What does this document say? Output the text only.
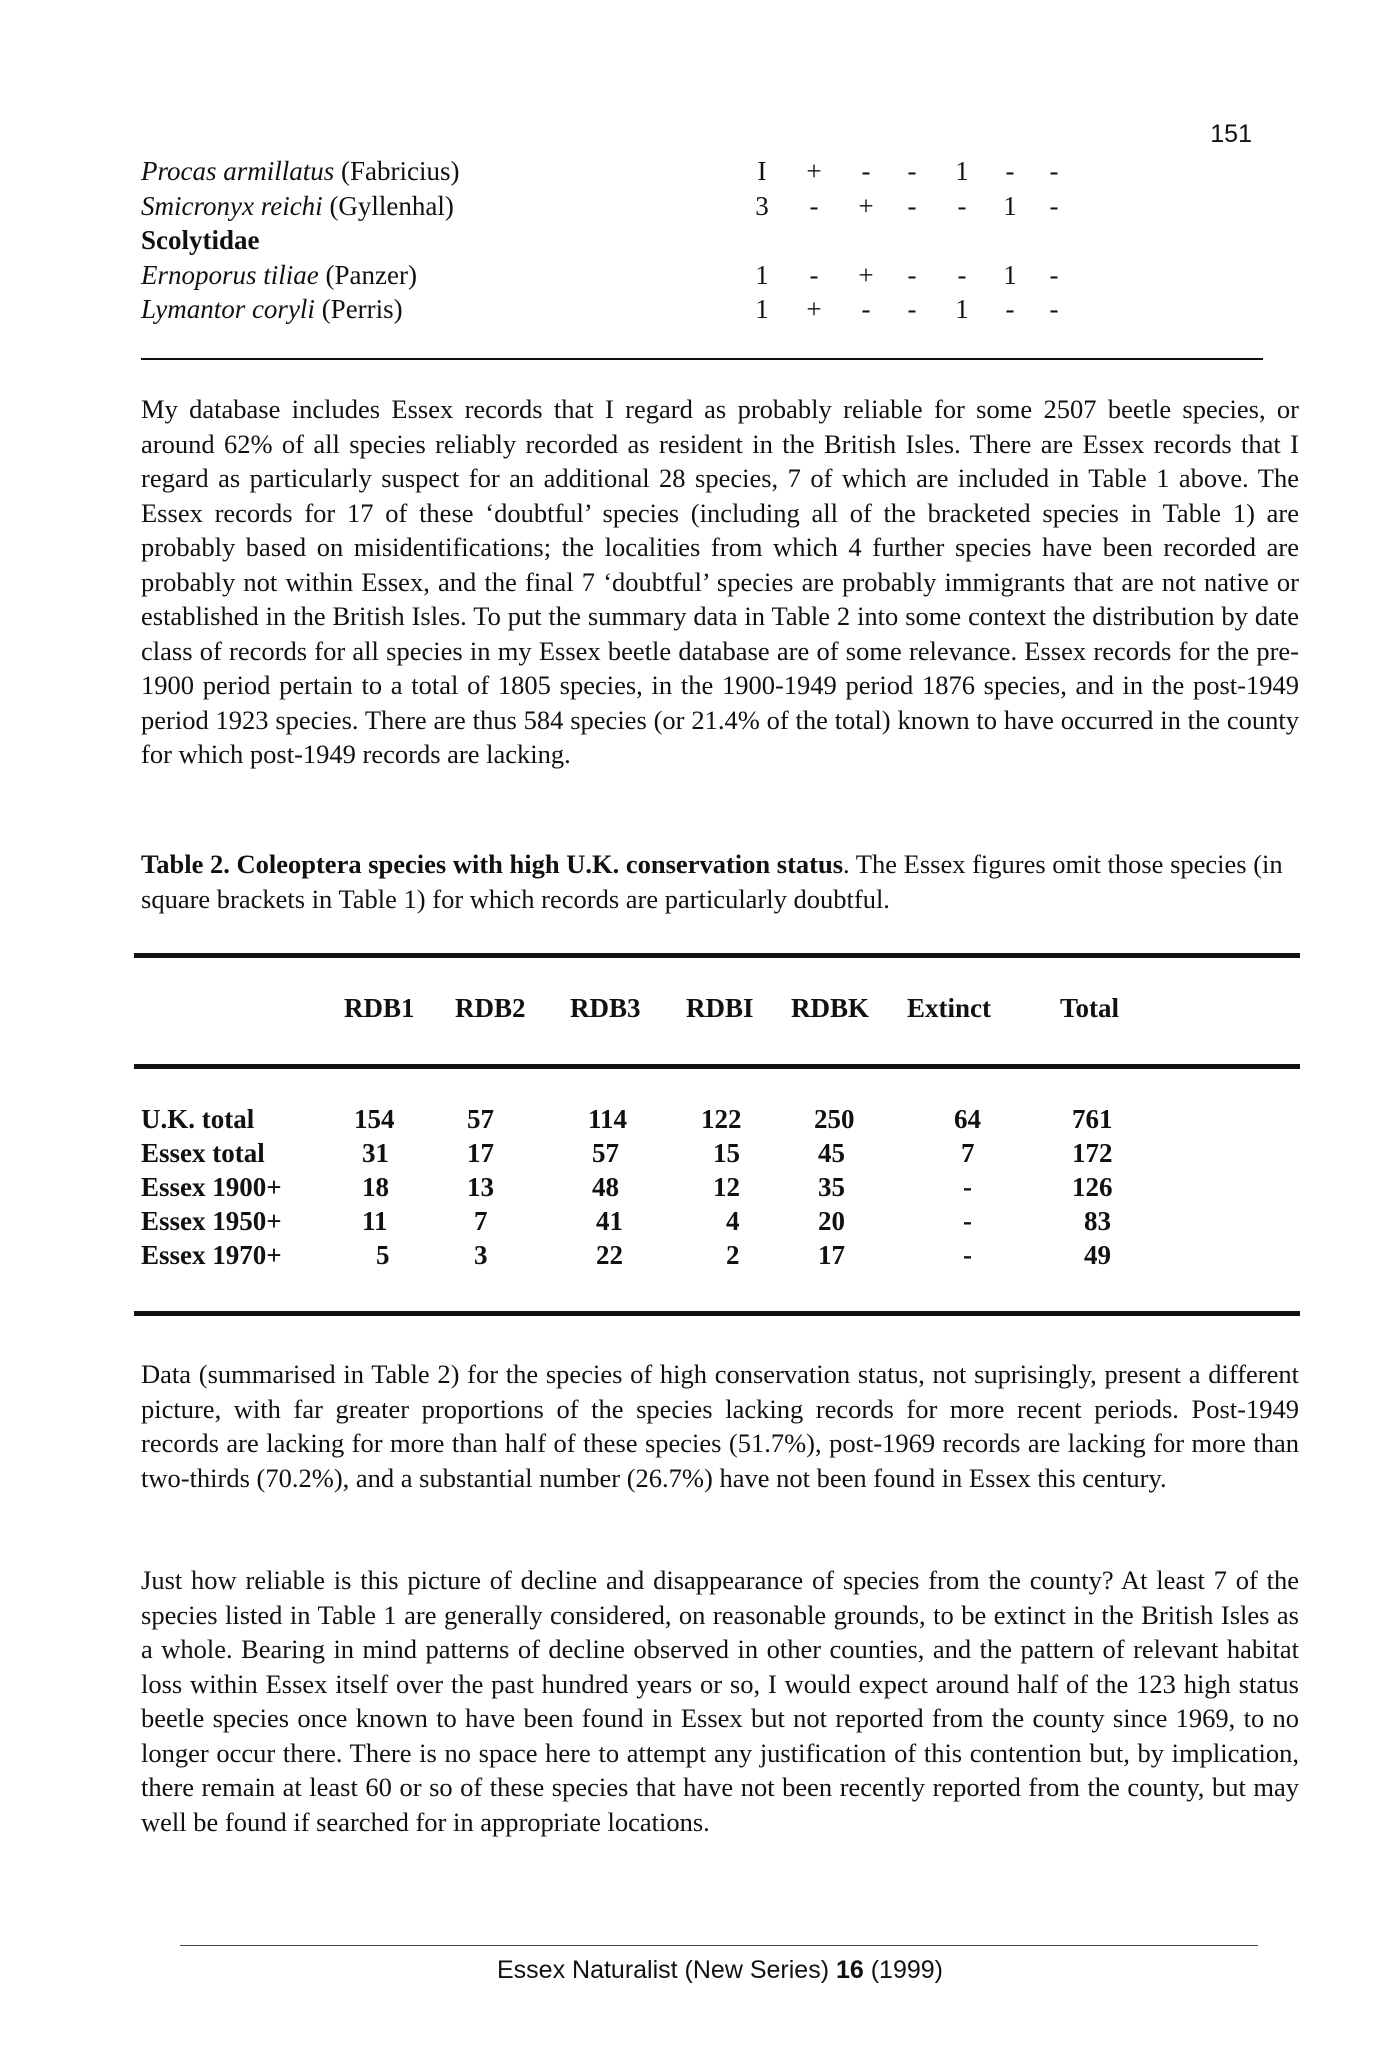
151
Procas armillatus (Fabricius)	I	+	-	-	1	-	-
Smicronyx reichi (Gyllenhal)	3	-	+	-	-	1	-
Scolytidae
Ernoporus tiliae (Panzer)	1	-	+	-	-	1	-
Lymantor coryli (Perris)	1	+	-	-	1	-	-

My database includes Essex records that I regard as probably reliable for some 2507 beetle species, or around 62% of all species reliably recorded as resident in the British Isles. There are Essex records that I regard as particularly suspect for an additional 28 species, 7 of which are included in Table 1 above. The Essex records for 17 of these ‘doubtful’ species (including all of the bracketed species in Table 1) are probably based on misidentifications; the localities from which 4 further species have been recorded are probably not within Essex, and the final 7 ‘doubtful’ species are probably immigrants that are not native or established in the British Isles. To put the summary data in Table 2 into some context the distribution by date class of records for all species in my Essex beetle database are of some relevance. Essex records for the pre-1900 period pertain to a total of 1805 species, in the 1900-1949 period 1876 species, and in the post-1949 period 1923 species. There are thus 584 species (or 21.4% of the total) known to have occurred in the county for which post-1949 records are lacking.

Table 2. Coleoptera species with high U.K. conservation status. The Essex figures omit those species (in square brackets in Table 1) for which records are particularly doubtful.
RDB1 RDB2 RDB3 RDBI RDBK Extinct	Total
U.K. total	154	57	114	122	250	64	761
Essex total	31	17	57	15	45	7	172
Essex 1900+	18	13	48	12	35	-	126
Essex 1950+	11	7	41	4	20	-	83
Essex 1970+	5	3	22	2	17	-	49

Data (summarised in Table 2) for the species of high conservation status, not suprisingly, present a different picture, with far greater proportions of the species lacking records for more recent periods. Post-1949 records are lacking for more than half of these species (51.7%), post-1969 records are lacking for more than two-thirds (70.2%), and a substantial number (26.7%) have not been found in Essex this century.

Just how reliable is this picture of decline and disappearance of species from the county? At least 7 of the species listed in Table 1 are generally considered, on reasonable grounds, to be extinct in the British Isles as a whole. Bearing in mind patterns of decline observed in other counties, and the pattern of relevant habitat loss within Essex itself over the past hundred years or so, I would expect around half of the 123 high status beetle species once known to have been found in Essex but not reported from the county since 1969, to no longer occur there. There is no space here to attempt any justification of this contention but, by implication, there remain at least 60 or so of these species that have not been recently reported from the county, but may well be found if searched for in appropriate locations.

Essex Naturalist (New Series) 16 (1999)
